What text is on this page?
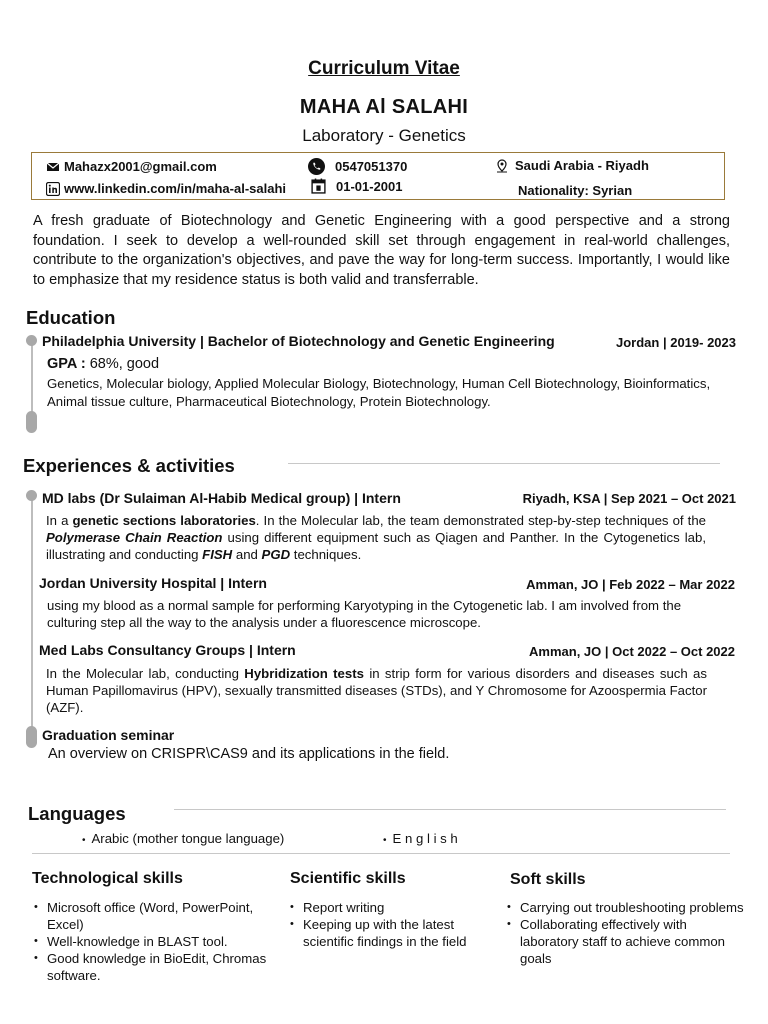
Curriculum Vitae
MAHA Al SALAHI
Laboratory - Genetics
Mahazx2001@gmail.com	0547051370	Saudi Arabia - Riyadh
www.linkedin.com/in/maha-al-salahi	01-01-2001	Nationality: Syrian
A fresh graduate of Biotechnology and Genetic Engineering with a good perspective and a strong foundation. I seek to develop a well-rounded skill set through engagement in real-world challenges, contribute to the organization's objectives, and pave the way for long-term success. Importantly, I would like to emphasize that my residence status is both valid and transferrable.
Education
Philadelphia University | Bachelor of Biotechnology and Genetic Engineering	Jordan | 2019- 2023
GPA : 68%, good
Genetics, Molecular biology, Applied Molecular Biology, Biotechnology, Human Cell Biotechnology, Bioinformatics, Animal tissue culture, Pharmaceutical Biotechnology, Protein Biotechnology.
Experiences & activities
MD labs (Dr Sulaiman Al-Habib Medical group) | Intern	Riyadh, KSA | Sep 2021 – Oct 2021
In a genetic sections laboratories. In the Molecular lab, the team demonstrated step-by-step techniques of the Polymerase Chain Reaction using different equipment such as Qiagen and Panther. In the Cytogenetics lab, illustrating and conducting FISH and PGD techniques.
Jordan University Hospital | Intern	Amman, JO | Feb 2022 – Mar 2022
using my blood as a normal sample for performing Karyotyping in the Cytogenetic lab. I am involved from the culturing step all the way to the analysis under a fluorescence microscope.
Med Labs Consultancy Groups | Intern	Amman, JO | Oct 2022 – Oct 2022
In the Molecular lab, conducting Hybridization tests in strip form for various disorders and diseases such as Human Papillomavirus (HPV), sexually transmitted diseases (STDs), and Y Chromosome for Azoospermia Factor (AZF).
Graduation seminar
An overview on CRISPR\CAS9 and its applications in the field.
Languages
• Arabic (mother tongue language)	• E n g l i s h
Technological skills
• Microsoft office (Word, PowerPoint, Excel)
• Well-knowledge in BLAST tool.
• Good knowledge in BioEdit, Chromas software.
Scientific skills
• Report writing
• Keeping up with the latest scientific findings in the field
Soft skills
• Carrying out troubleshooting problems
• Collaborating effectively with laboratory staff to achieve common goals
